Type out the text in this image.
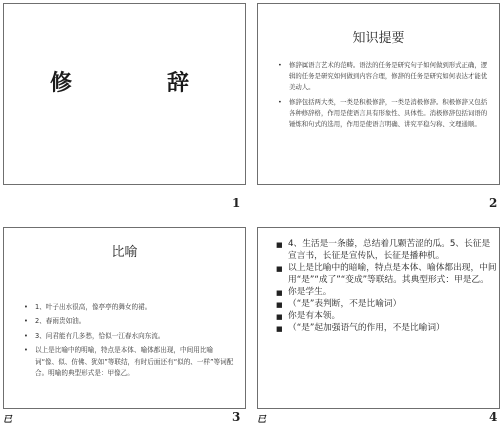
修	辞
1
知识提要
• 修辞属语言艺术的范畴。语法的任务是研究句子如何做到形式正确，逻辑的任务是研究如何做到内容合理，修辞的任务是研究如何表达才能优美动人。
• 修辞包括两大类，一类是积极修辞，一类是消极修辞。积极修辞又包括各种修辞格，作用是使语言具有形象性、具体性。消极修辞包括词语的锤炼和句式的选用，作用是使语言明确、讲究平稳匀称、文理通顺。
2
比喻
• 1、叶子出水很高，像亭亭的舞女的裙。
• 2、春雨贵如油。
• 3、问君能有几多愁，恰似一江春水向东流。
• 以上是比喻中的明喻，特点是本体、喻体都出现，中间用比喻词“像、似、仿佛、犹如”等联结，有时后面还有“似的、一样”等词配合。明喻的典型形式是：甲像乙。
3
已
■ 4、生活是一条藤，总结着几颗苦涩的瓜。5、长征是宣言书，长征是宣传队，长征是播种机。
■ 以上是比喻中的暗喻，特点是本体、喻体都出现，中间用“是”“成了”“变成”等联结。其典型形式：甲是乙。
■ 你是学生。
■ （“是”表判断，不是比喻词）
■ 你是有本领。
■ （“是”起加强语气的作用，不是比喻词）
4
已
